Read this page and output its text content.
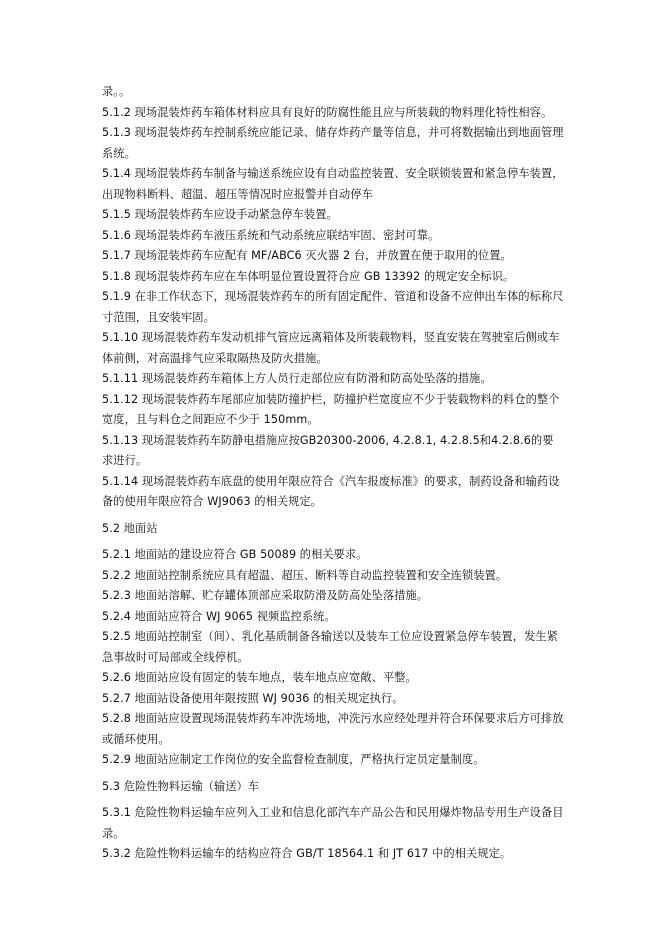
录。。

5.1.2 现场混装炸药车箱体材料应具有良好的防腐性能且应与所装载的物料理化特性相容。

5.1.3 现场混装炸药车控制系统应能记录、储存炸药产量等信息，并可将数据输出到地面管理系统。

5.1.4 现场混装炸药车制备与输送系统应设有自动监控装置、安全联锁装置和紧急停车装置，出现物料断料、超温、超压等情况时应报警并自动停车

5.1.5 现场混装炸药车应设手动紧急停车装置。

5.1.6 现场混装炸药车液压系统和气动系统应联结牢固、密封可靠。

5.1.7 现场混装炸药车应配有 MF/ABC6 灭火器 2 台，并放置在便于取用的位置。

5.1.8 现场混装炸药车应在车体明显位置设置符合应 GB 13392 的规定安全标识。

5.1.9 在非工作状态下，现场混装炸药车的所有固定配件、管道和设备不应伸出车体的标称尺寸范围，且安装牢固。

5.1.10 现场混装炸药车发动机排气管应远离箱体及所装载物料，竖直安装在驾驶室后侧或车体前侧，对高温排气应采取隔热及防火措施。

5.1.11 现场混装炸药车箱体上方人员行走部位应有防滑和防高处坠落的措施。

5.1.12 现场混装炸药车尾部应加装防撞护栏，防撞护栏宽度应不少于装载物料的料仓的整个宽度，且与料仓之间距应不少于 150mm。

5.1.13 现场混装炸药车防静电措施应按GB20300-2006, 4.2.8.1, 4.2.8.5和4.2.8.6的要求进行。

5.1.14 现场混装炸药车底盘的使用年限应符合《汽车报废标准》的要求，制药设备和输药设备的使用年限应符合 WJ9063 的相关规定。

5.2 地面站

5.2.1 地面站的建设应符合 GB 50089 的相关要求。

5.2.2 地面站控制系统应具有超温、超压、断料等自动监控装置和安全连锁装置。

5.2.3 地面站溶解、贮存罐体顶部应采取防滑及防高处坠落措施。

5.2.4 地面站应符合 WJ 9065 视频监控系统。

5.2.5 地面站控制室（间）、乳化基质制备各输送以及装车工位应设置紧急停车装置，发生紧急事故时可局部或全线停机。

5.2.6 地面站应设有固定的装车地点，装车地点应宽敞、平整。

5.2.7 地面站设备使用年限按照 WJ 9036 的相关规定执行。

5.2.8 地面站应设置现场混装炸药车冲洗场地，冲洗污水应经处理并符合环保要求后方可排放或循环使用。

5.2.9 地面站应制定工作岗位的安全监督检查制度，严格执行定员定量制度。

5.3 危险性物料运输（输送）车

5.3.1 危险性物料运输车应列入工业和信息化部汽车产品公告和民用爆炸物品专用生产设备目录。

5.3.2 危险性物料运输车的结构应符合 GB/T 18564.1 和 JT 617 中的相关规定。
